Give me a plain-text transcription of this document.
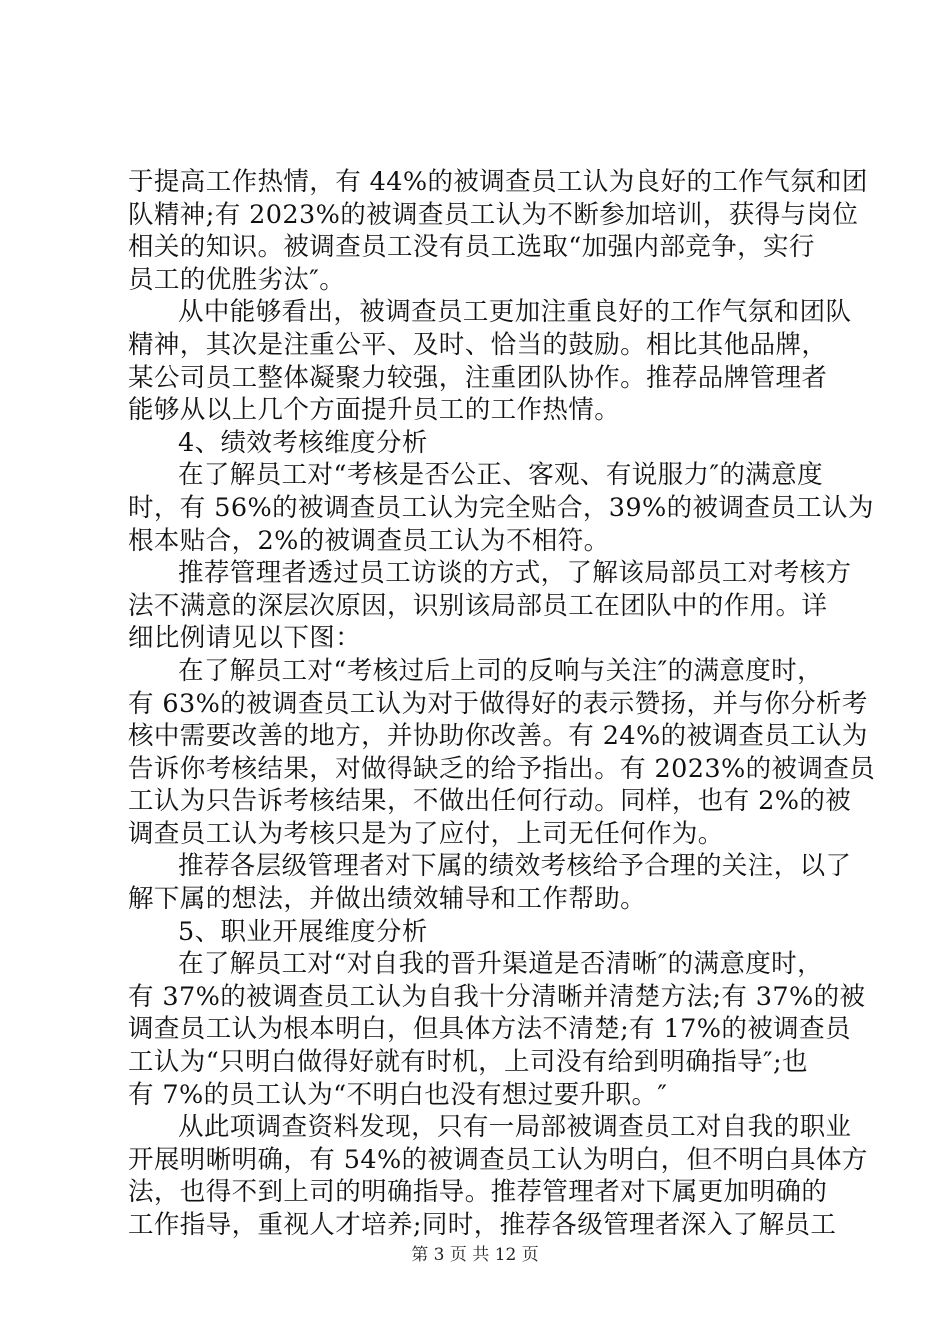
于提高工作热情，有 44%的被调查员工认为良好的工作气氛和团
队精神;有 2023%的被调查员工认为不断参加培训，获得与岗位
相关的知识。被调查员工没有员工选取“加强内部竞争，实行
员工的优胜劣汰″。
从中能够看出，被调查员工更加注重良好的工作气氛和团队
精神，其次是注重公平、及时、恰当的鼓励。相比其他品牌，
某公司员工整体凝聚力较强，注重团队协作。推荐品牌管理者
能够从以上几个方面提升员工的工作热情。
4、绩效考核维度分析
在了解员工对“考核是否公正、客观、有说服力″的满意度
时，有 56%的被调查员工认为完全贴合，39%的被调查员工认为
根本贴合，2%的被调查员工认为不相符。
推荐管理者透过员工访谈的方式，了解该局部员工对考核方
法不满意的深层次原因，识别该局部员工在团队中的作用。详
细比例请见以下图：
在了解员工对“考核过后上司的反响与关注″的满意度时，
有 63%的被调查员工认为对于做得好的表示赞扬，并与你分析考
核中需要改善的地方，并协助你改善。有 24%的被调查员工认为
告诉你考核结果，对做得缺乏的给予指出。有 2023%的被调查员
工认为只告诉考核结果，不做出任何行动。同样，也有 2%的被
调查员工认为考核只是为了应付，上司无任何作为。
推荐各层级管理者对下属的绩效考核给予合理的关注，以了
解下属的想法，并做出绩效辅导和工作帮助。
5、职业开展维度分析
在了解员工对“对自我的晋升渠道是否清晰″的满意度时，
有 37%的被调查员工认为自我十分清晰并清楚方法;有 37%的被
调查员工认为根本明白，但具体方法不清楚;有 17%的被调查员
工认为“只明白做得好就有时机，上司没有给到明确指导″;也
有 7%的员工认为“不明白也没有想过要升职。″
从此项调查资料发现，只有一局部被调查员工对自我的职业
开展明晰明确，有 54%的被调查员工认为明白，但不明白具体方
法，也得不到上司的明确指导。推荐管理者对下属更加明确的
工作指导，重视人才培养;同时，推荐各级管理者深入了解员工
第 3 页 共 12 页
